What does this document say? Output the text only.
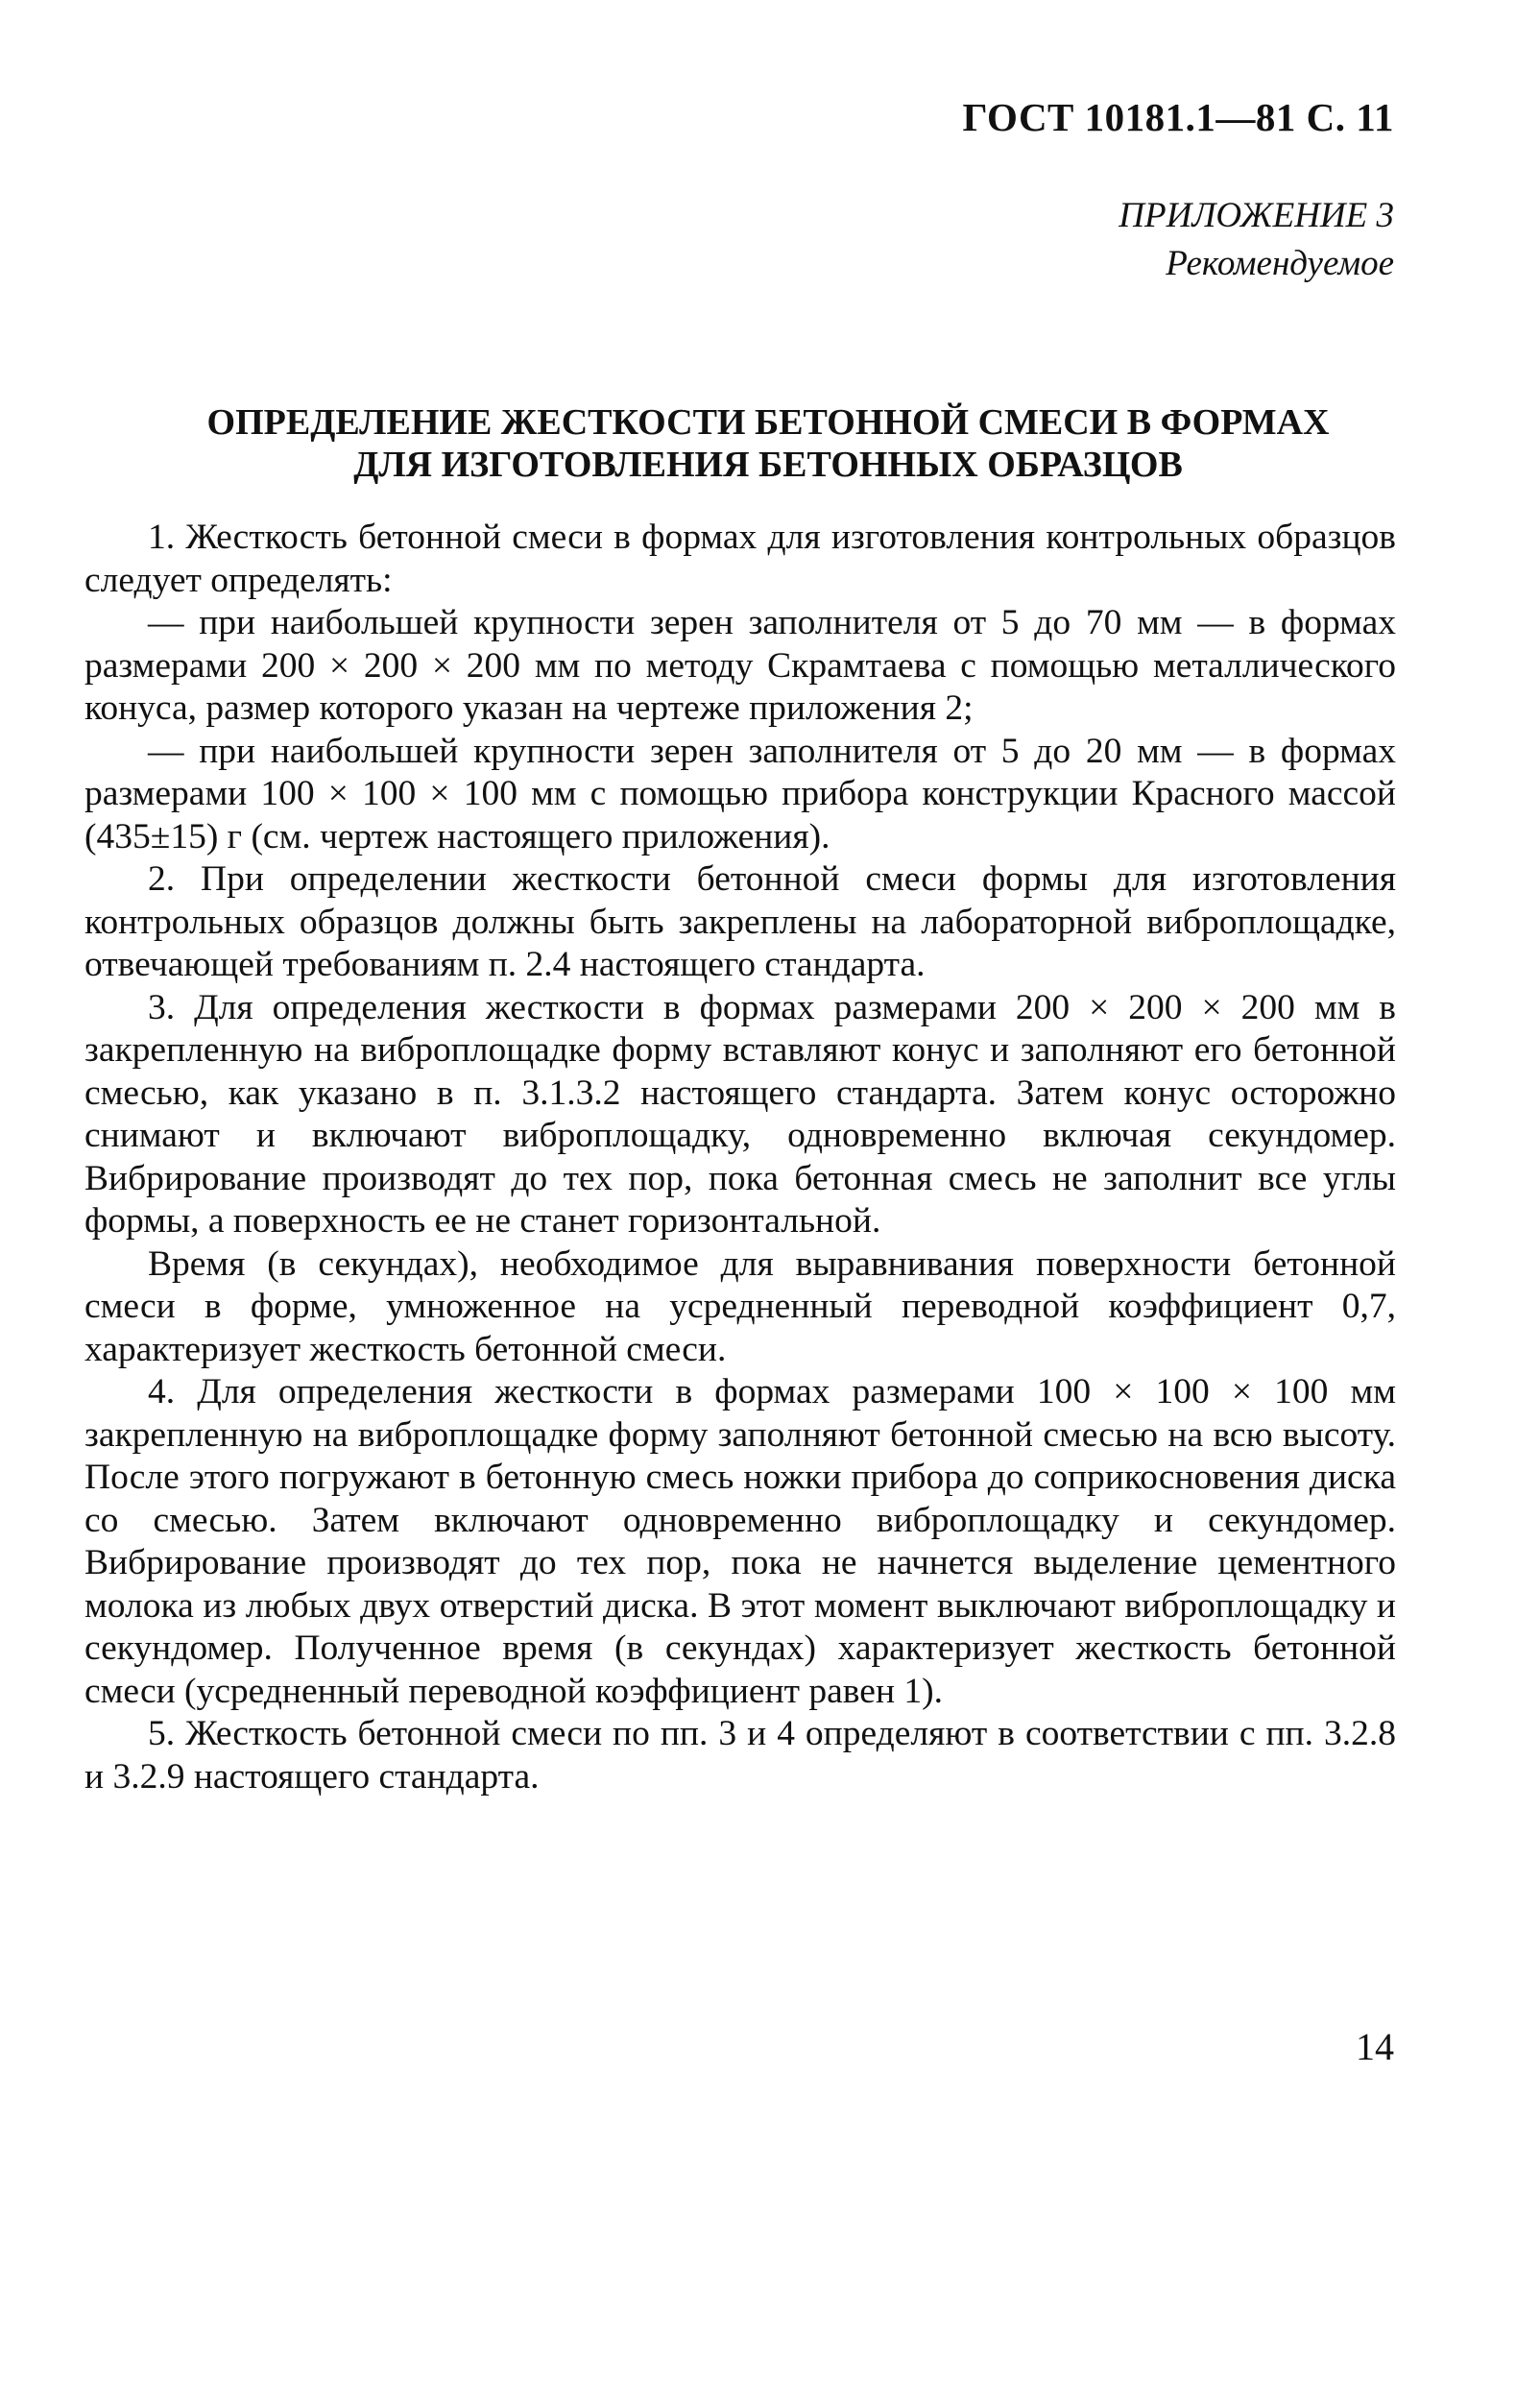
ГОСТ 10181.1—81 С. 11
ПРИЛОЖЕНИЕ 3
Рекомендуемое
ОПРЕДЕЛЕНИЕ ЖЕСТКОСТИ БЕТОННОЙ СМЕСИ В ФОРМАХ
ДЛЯ ИЗГОТОВЛЕНИЯ БЕТОННЫХ ОБРАЗЦОВ

1. Жесткость бетонной смеси в формах для изготовления контрольных образцов следует определять:

— при наибольшей крупности зерен заполнителя от 5 до 70 мм — в формах размерами 200 × 200 × 200 мм по методу Скрамтаева с помощью металлического конуса, размер которого указан на чертеже приложения 2;

— при наибольшей крупности зерен заполнителя от 5 до 20 мм — в формах размерами 100 × 100 × 100 мм с помощью прибора конструкции Красного массой (435±15) г (см. чертеж настоящего приложения).

2. При определении жесткости бетонной смеси формы для изготовления контрольных образцов должны быть закреплены на лабораторной виброплощадке, отвечающей требованиям п. 2.4 настоящего стандарта.

3. Для определения жесткости в формах размерами 200 × 200 × 200 мм в закрепленную на виброплощадке форму вставляют конус и заполняют его бетонной смесью, как указано в п. 3.1.3.2 настоящего стандарта. Затем конус осторожно снимают и включают виброплощадку, одновременно включая секундомер. Вибрирование производят до тех пор, пока бетонная смесь не заполнит все углы формы, а поверхность ее не станет горизонтальной.

Время (в секундах), необходимое для выравнивания поверхности бетонной смеси в форме, умноженное на усредненный переводной коэффициент 0,7, характеризует жесткость бетонной смеси.

4. Для определения жесткости в формах размерами 100 × 100 × 100 мм закрепленную на виброплощадке форму заполняют бетонной смесью на всю высоту. После этого погружают в бетонную смесь ножки прибора до соприкосновения диска со смесью. Затем включают одновременно виброплощадку и секундомер. Вибрирование производят до тех пор, пока не начнется выделение цементного молока из любых двух отверстий диска. В этот момент выключают виброплощадку и секундомер. Полученное время (в секундах) характеризует жесткость бетонной смеси (усредненный переводной коэффициент равен 1).

5. Жесткость бетонной смеси по пп. 3 и 4 определяют в соответствии с пп. 3.2.8 и 3.2.9 настоящего стандарта.

14
